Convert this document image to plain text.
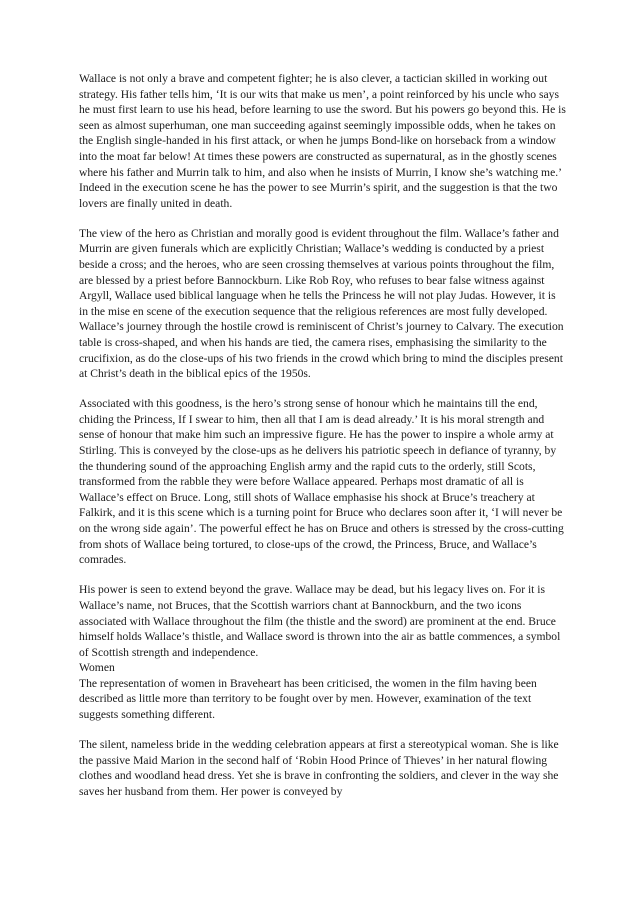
Wallace is not only a brave and competent fighter; he is also clever, a tactician skilled in working out strategy. His father tells him, ‘It is our wits that make us men’, a point reinforced by his uncle who says he must first learn to use his head, before learning to use the sword. But his powers go beyond this. He is seen as almost superhuman, one man succeeding against seemingly impossible odds, when he takes on the English single-handed in his first attack, or when he jumps Bond-like on horseback from a window into the moat far below! At times these powers are constructed as supernatural, as in the ghostly scenes where his father and Murrin talk to him, and also when he insists of Murrin, I know she’s watching me.’ Indeed in the execution scene he has the power to see Murrin’s spirit, and the suggestion is that the two lovers are finally united in death.

The view of the hero as Christian and morally good is evident throughout the film. Wallace’s father and Murrin are given funerals which are explicitly Christian; Wallace’s wedding is conducted by a priest beside a cross; and the heroes, who are seen crossing themselves at various points throughout the film, are blessed by a priest before Bannockburn. Like Rob Roy, who refuses to bear false witness against Argyll, Wallace used biblical language when he tells the Princess he will not play Judas. However, it is in the mise en scene of the execution sequence that the religious references are most fully developed. Wallace’s journey through the hostile crowd is reminiscent of Christ’s journey to Calvary. The execution table is cross-shaped, and when his hands are tied, the camera rises, emphasising the similarity to the crucifixion, as do the close-ups of his two friends in the crowd which bring to mind the disciples present at Christ’s death in the biblical epics of the 1950s.

Associated with this goodness, is the hero’s strong sense of honour which he maintains till the end, chiding the Princess, If I swear to him, then all that I am is dead already.’ It is his moral strength and sense of honour that make him such an impressive figure. He has the power to inspire a whole army at Stirling. This is conveyed by the close-ups as he delivers his patriotic speech in defiance of tyranny, by the thundering sound of the approaching English army and the rapid cuts to the orderly, still Scots, transformed from the rabble they were before Wallace appeared. Perhaps most dramatic of all is Wallace’s effect on Bruce. Long, still shots of Wallace emphasise his shock at Bruce’s treachery at Falkirk, and it is this scene which is a turning point for Bruce who declares soon after it, ‘I will never be on the wrong side again’. The powerful effect he has on Bruce and others is stressed by the cross-cutting from shots of Wallace being tortured, to close-ups of the crowd, the Princess, Bruce, and Wallace’s comrades.

His power is seen to extend beyond the grave. Wallace may be dead, but his legacy lives on. For it is Wallace’s name, not Bruces, that the Scottish warriors chant at Bannockburn, and the two icons associated with Wallace throughout the film (the thistle and the sword) are prominent at the end. Bruce himself holds Wallace’s thistle, and Wallace sword is thrown into the air as battle commences, a symbol of Scottish strength and independence.

Women

The representation of women in Braveheart has been criticised, the women in the film having been described as little more than territory to be fought over by men. However, examination of the text suggests something different.

The silent, nameless bride in the wedding celebration appears at first a stereotypical woman. She is like the passive Maid Marion in the second half of ‘Robin Hood Prince of Thieves’ in her natural flowing clothes and woodland head dress. Yet she is brave in confronting the soldiers, and clever in the way she saves her husband from them. Her power is conveyed by
